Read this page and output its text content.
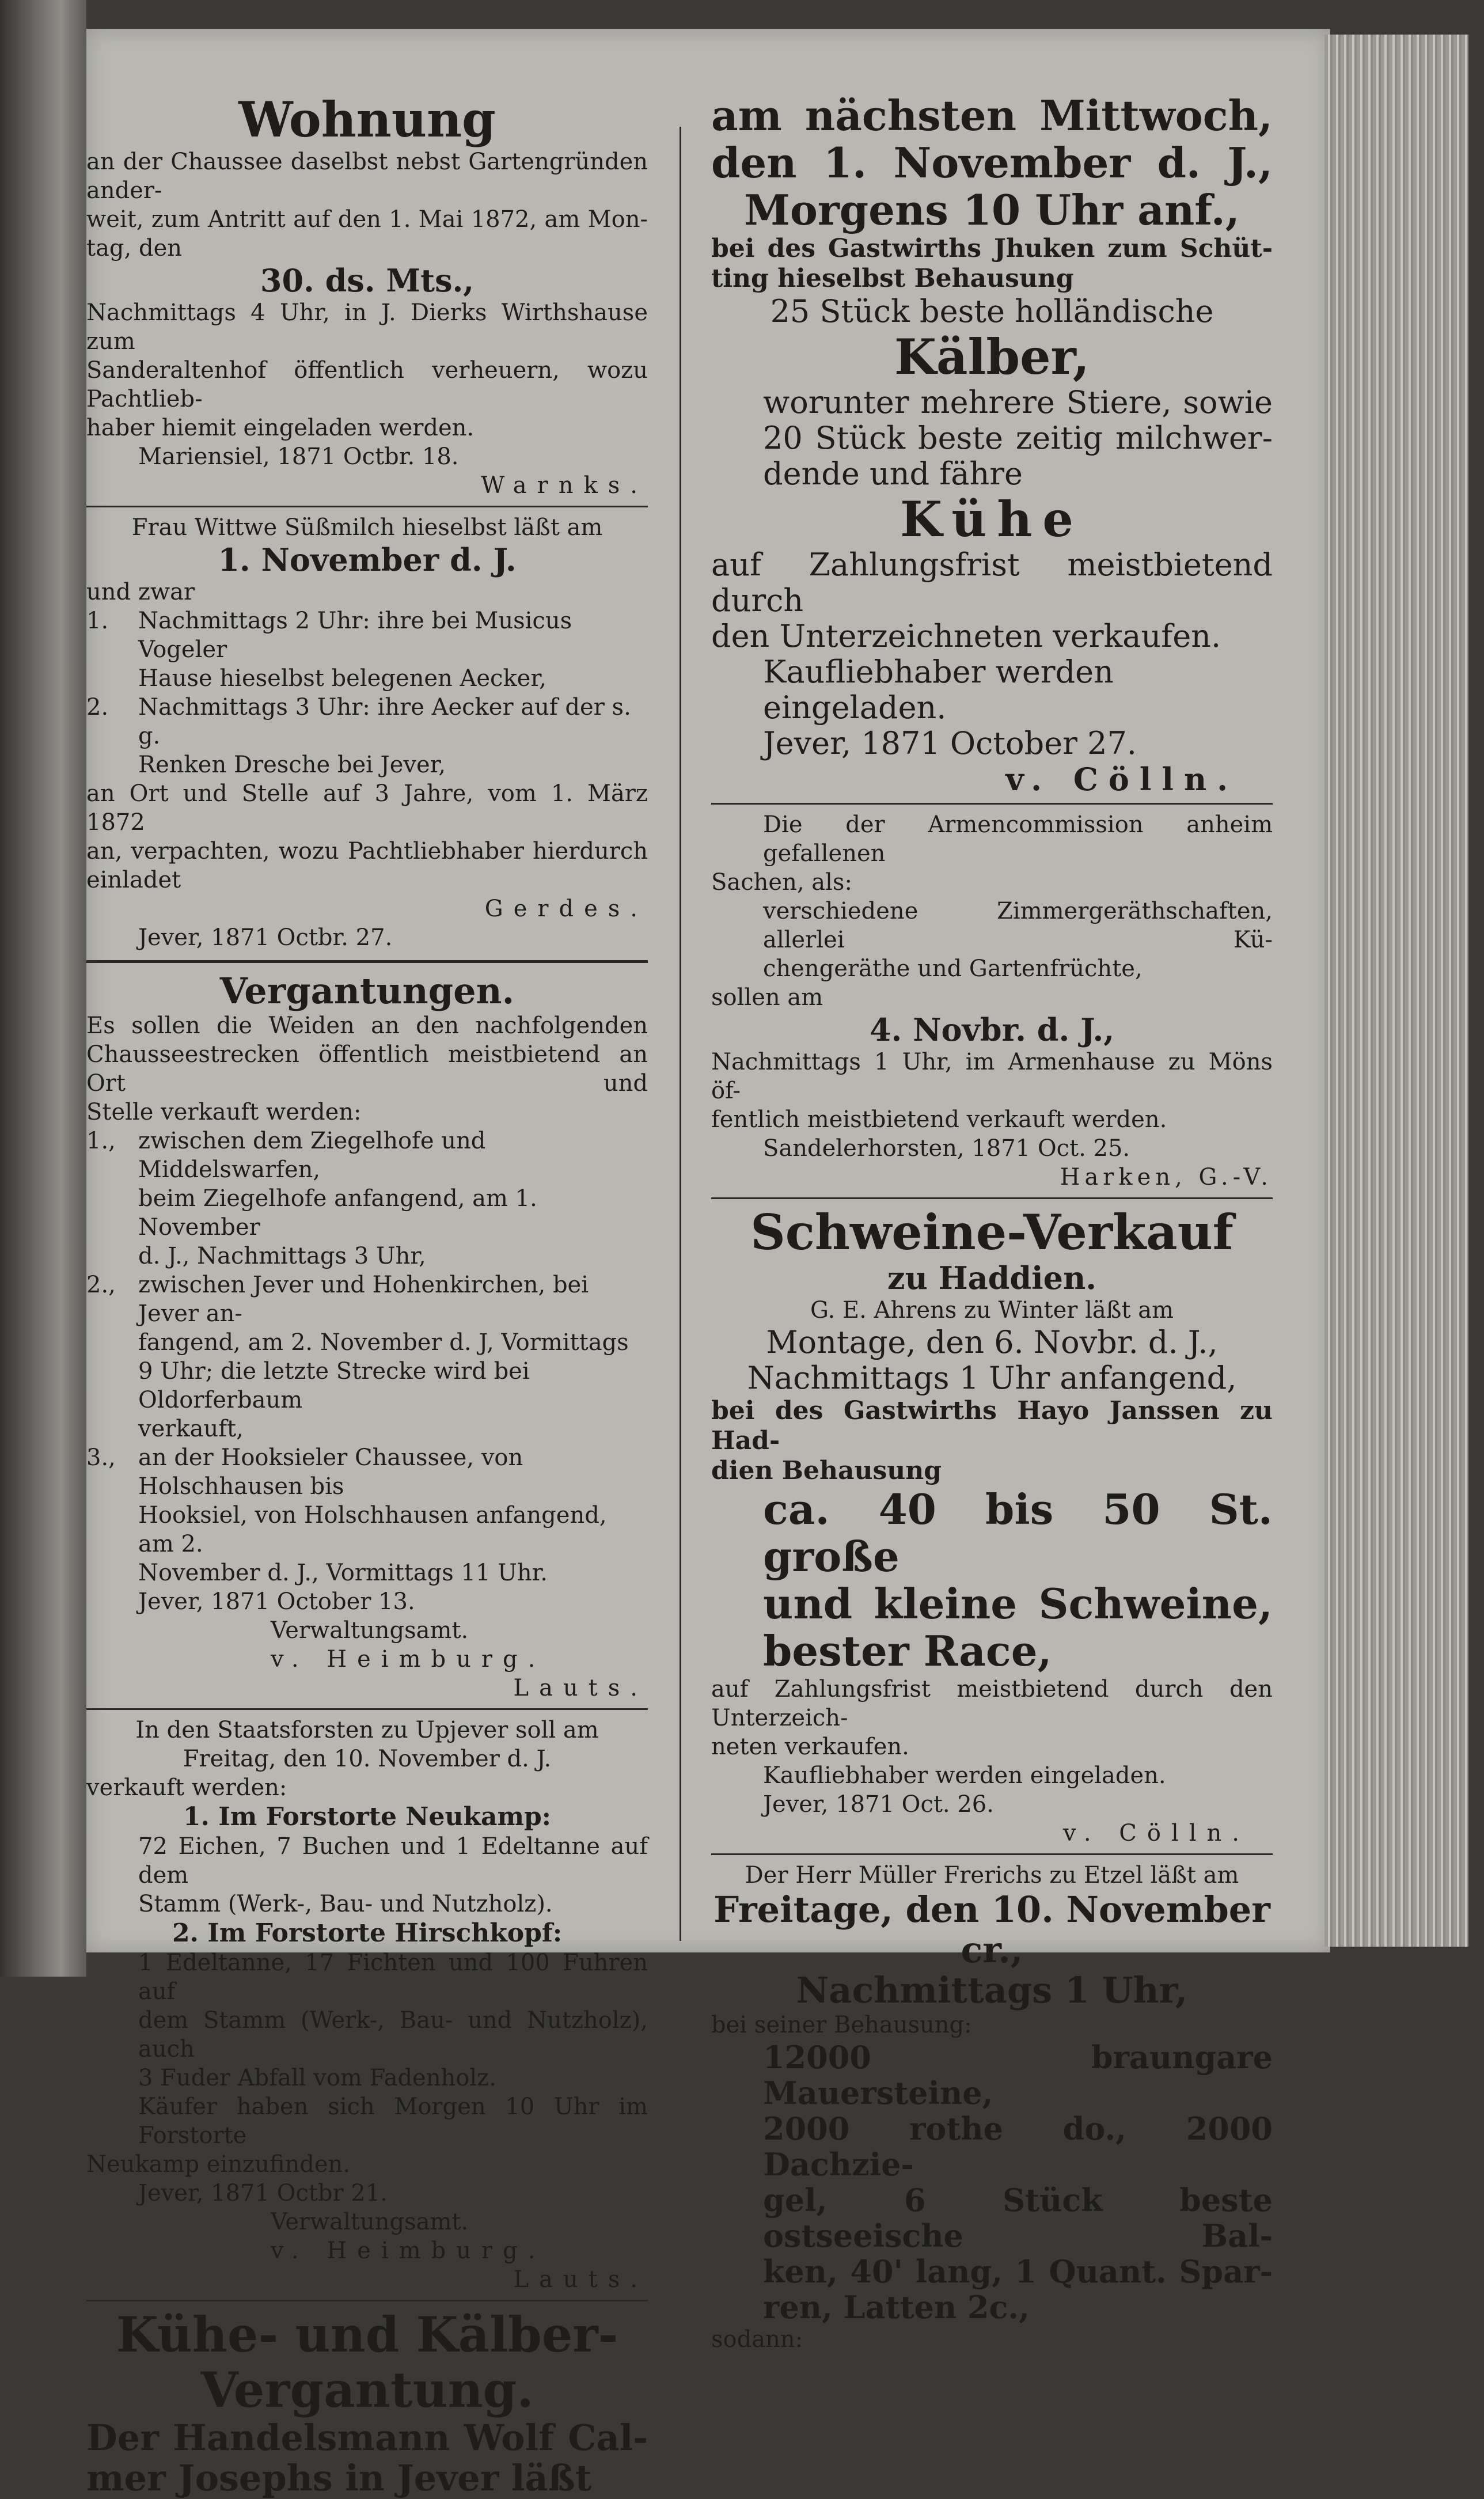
Wohnung
an der Chaussee daselbst nebst Gartengründen ander-
weit, zum Antritt auf den 1. Mai 1872, am Mon-
tag, den
30. ds. Mts.,
Nachmittags 4 Uhr, in J. Dierks Wirthshause zum
Sanderaltenhof öffentlich verheuern, wozu Pachtlieb-
haber hiemit eingeladen werden.
Mariensiel, 1871 Octbr. 18.
Warnks.
Frau Wittwe Süßmilch hieselbst läßt am
1. November d. J.
und zwar
1.	Nachmittags 2 Uhr: ihre bei Musicus Vogeler
Hause hieselbst belegenen Aecker,
2.	Nachmittags 3 Uhr: ihre Aecker auf der s. g.
Renken Dresche bei Jever,
an Ort und Stelle auf 3 Jahre, vom 1. März 1872
an, verpachten, wozu Pachtliebhaber hierdurch einladet
Gerdes.
Jever, 1871 Octbr. 27.
Vergantungen.
Es sollen die Weiden an den nachfolgenden
Chausseestrecken öffentlich meistbietend an Ort und
Stelle verkauft werden:
1., zwischen dem Ziegelhofe und Middelswarfen,
beim Ziegelhofe anfangend, am 1. November
d. J., Nachmittags 3 Uhr,
2., zwischen Jever und Hohenkirchen, bei Jever an-
fangend, am 2. November d. J, Vormittags
9 Uhr; die letzte Strecke wird bei Oldorferbaum
verkauft,
3., an der Hooksieler Chaussee, von Holschhausen bis
Hooksiel, von Holschhausen anfangend, am 2.
November d. J., Vormittags 11 Uhr.
Jever, 1871 October 13.
Verwaltungsamt.
v. Heimburg.
Lauts.
In den Staatsforsten zu Upjever soll am
Freitag, den 10. November d. J.
verkauft werden:
1. Im Forstorte Neukamp:
72 Eichen, 7 Buchen und 1 Edeltanne auf dem
Stamm (Werk-, Bau- und Nutzholz).
2. Im Forstorte Hirschkopf:
1 Edeltanne, 17 Fichten und 100 Fuhren auf
dem Stamm (Werk-, Bau- und Nutzholz), auch
3 Fuder Abfall vom Fadenholz.
Käufer haben sich Morgen 10 Uhr im Forstorte
Neukamp einzufinden.
Jever, 1871 Octbr 21.
Verwaltungsamt.
v. Heimburg.
Lauts.
Kühe- und Kälber-
Vergantung.
Der Handelsmann Wolf Cal-
mer Josephs in Jever läßt
am nächsten Mittwoch,
den 1. November d. J.,
Morgens 10 Uhr anf.,
bei des Gastwirths Jhuken zum Schüt-
ting hieselbst Behausung
25 Stück beste holländische
Kälber,
worunter mehrere Stiere, sowie
20 Stück beste zeitig milchwer-
dende und fähre
Kühe
auf Zahlungsfrist meistbietend durch
den Unterzeichneten verkaufen.
Kaufliebhaber werden eingeladen.
Jever, 1871 October 27.
v. Cölln.
Die der Armencommission anheim gefallenen
Sachen, als:
verschiedene Zimmergeräthschaften, allerlei Kü-
chengeräthe und Gartenfrüchte,
sollen am
4. Novbr. d. J.,
Nachmittags 1 Uhr, im Armenhause zu Möns öf-
fentlich meistbietend verkauft werden.
Sandelerhorsten, 1871 Oct. 25.
Harken, G.-V.
Schweine-Verkauf
zu Haddien.
G. E. Ahrens zu Winter läßt am
Montage, den 6. Novbr. d. J.,
Nachmittags 1 Uhr anfangend,
bei des Gastwirths Hayo Janssen zu Had-
dien Behausung
ca. 40 bis 50 St. große
und kleine Schweine,
bester Race,
auf Zahlungsfrist meistbietend durch den Unterzeich-
neten verkaufen.
Kaufliebhaber werden eingeladen.
Jever, 1871 Oct. 26.
v. Cölln.
Der Herr Müller Frerichs zu Etzel läßt am
Freitage, den 10. November cr.,
Nachmittags 1 Uhr,
bei seiner Behausung:
12000 braungare Mauersteine,
2000 rothe do., 2000 Dachzie-
gel, 6 Stück beste ostseeische Bal-
ken, 40' lang, 1 Quant. Spar-
ren, Latten 2c.,
sodann:
